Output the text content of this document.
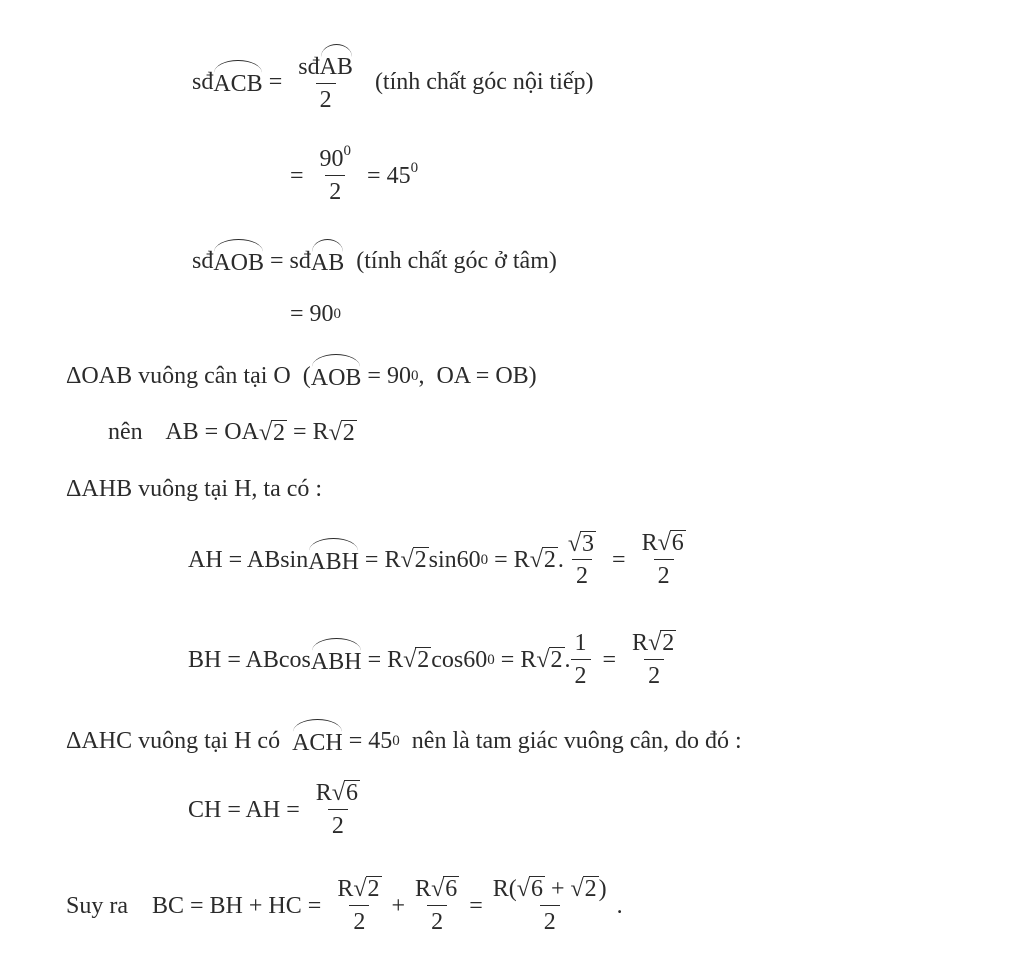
sđ ACB = $\frac{\text{sđAB}}{2}$ (tính chất góc nội tiếp)
= $\frac{90^0}{2} = 45^0$
sđ AOB = sđ AB (tính chất góc ở tâm)
= 90 0
ΔOAB vuông cân tại O  ( AOB = 90 0 ,  OA = OB)
nên AB = OA √ 2 = R √ 2
ΔAHB vuông tại H, ta có :
AH = ABsin ABH = R √ 2 sin60 0 = R √ 2 . $\frac{√ 3}{2} = \frac{R √ 6}{2}$
BH = ABcos ABH = R √ 2 cos60 0 = R √ 2 . $\frac{1}{2} = \frac{R √ 2}{2}$
ΔAHC vuông tại H có ACH = 45 0 nên là tam giác vuông cân, do đó :
CH = AH = $\frac{R √ 6}{2}$
Suy ra BC = BH + HC = $\frac{R √ 2}{2} + \frac{R √ 6}{2} = \frac{R( √ 6 + √ 2 )}{2}$ .
